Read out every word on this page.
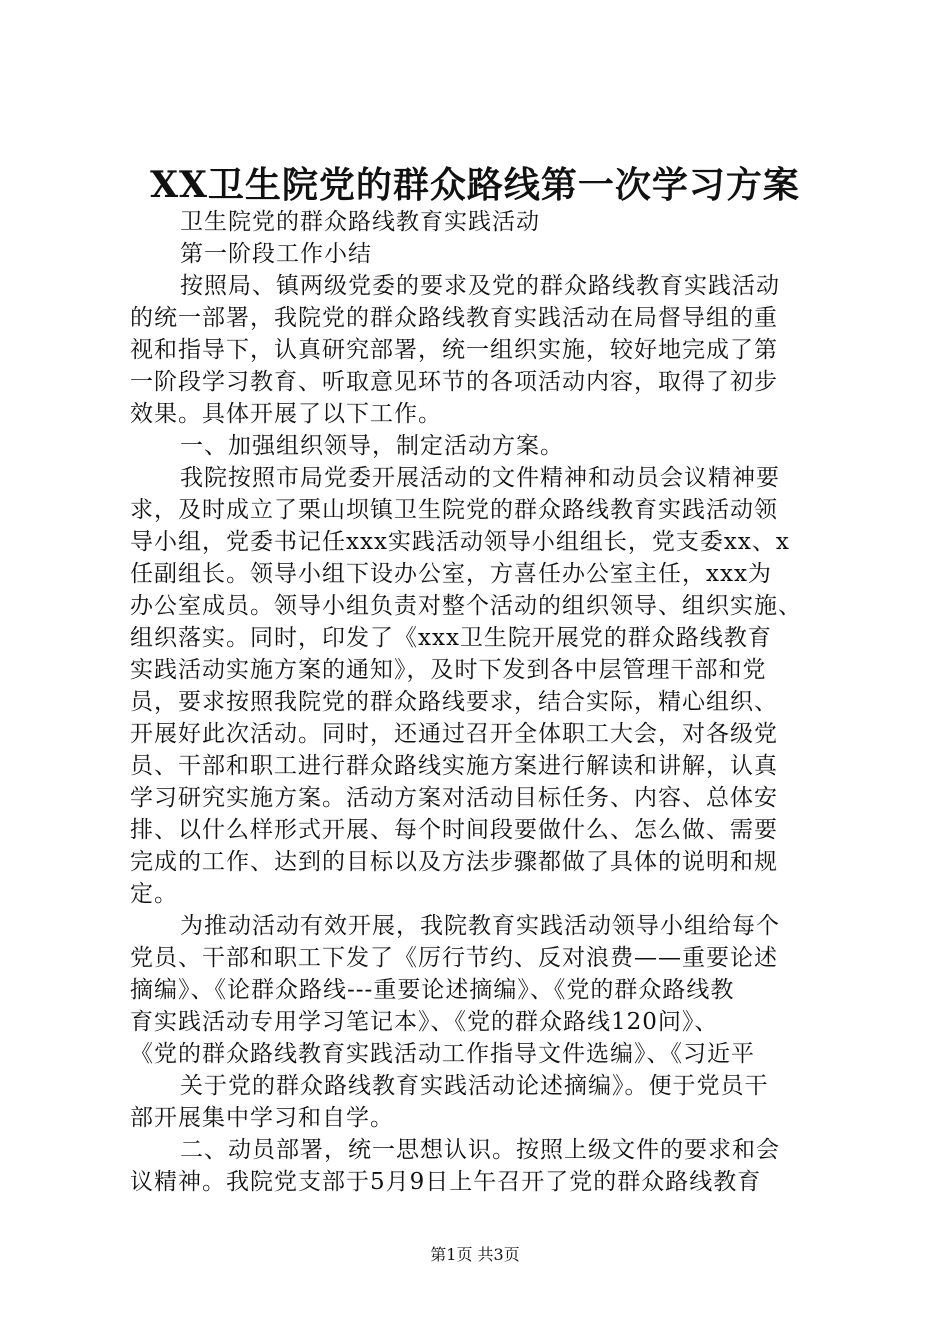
XX卫生院党的群众路线第一次学习方案
卫生院党的群众路线教育实践活动
第一阶段工作小结
按照局、镇两级党委的要求及党的群众路线教育实践活动
的统一部署，我院党的群众路线教育实践活动在局督导组的重
视和指导下，认真研究部署，统一组织实施，较好地完成了第
一阶段学习教育、听取意见环节的各项活动内容，取得了初步
效果。具体开展了以下工作。
一、加强组织领导，制定活动方案。
我院按照市局党委开展活动的文件精神和动员会议精神要
求，及时成立了栗山坝镇卫生院党的群众路线教育实践活动领
导小组，党委书记任xxx实践活动领导小组组长，党支委xx、x
任副组长。领导小组下设办公室，方喜任办公室主任，xxx为
办公室成员。领导小组负责对整个活动的组织领导、组织实施、
组织落实。同时，印发了《xxx卫生院开展党的群众路线教育
实践活动实施方案的通知》，及时下发到各中层管理干部和党
员，要求按照我院党的群众路线要求，结合实际，精心组织、
开展好此次活动。同时，还通过召开全体职工大会，对各级党
员、干部和职工进行群众路线实施方案进行解读和讲解，认真
学习研究实施方案。活动方案对活动目标任务、内容、总体安
排、以什么样形式开展、每个时间段要做什么、怎么做、需要
完成的工作、达到的目标以及方法步骤都做了具体的说明和规
定。
为推动活动有效开展，我院教育实践活动领导小组给每个
党员、干部和职工下发了《厉行节约、反对浪费——重要论述
摘编》、《论群众路线---重要论述摘编》、《党的群众路线教
育实践活动专用学习笔记本》、《党的群众路线120问》、
《党的群众路线教育实践活动工作指导文件选编》、《习近平
关于党的群众路线教育实践活动论述摘编》。便于党员干
部开展集中学习和自学。
二、动员部署，统一思想认识。按照上级文件的要求和会
议精神。我院党支部于5月9日上午召开了党的群众路线教育
第1页 共3页
